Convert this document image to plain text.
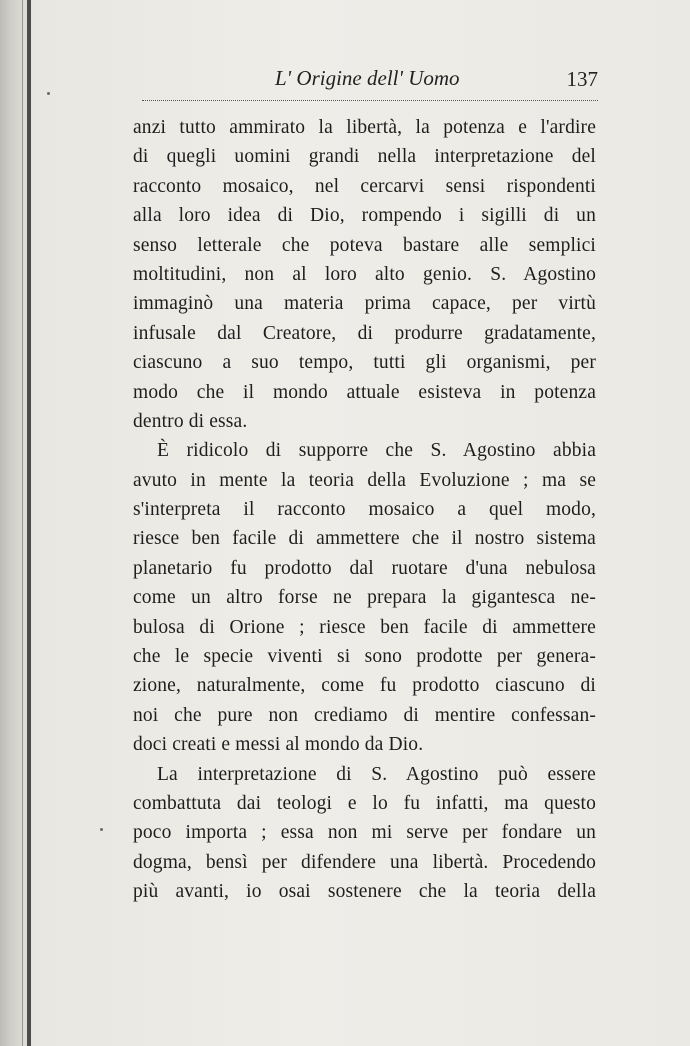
L' Origine dell' Uomo	137
anzi tutto ammirato la libertà, la potenza e l'ardire
di quegli uomini grandi nella interpretazione del
racconto mosaico, nel cercarvi sensi rispondenti
alla loro idea di Dio, rompendo i sigilli di un
senso letterale che poteva bastare alle semplici
moltitudini, non al loro alto genio. S. Agostino
immaginò una materia prima capace, per virtù
infusale dal Creatore, di produrre gradatamente,
ciascuno a suo tempo, tutti gli organismi, per
modo che il mondo attuale esisteva in potenza
dentro di essa.
È ridicolo di supporre che S. Agostino abbia
avuto in mente la teoria della Evoluzione ; ma se
s'interpreta il racconto mosaico a quel modo,
riesce ben facile di ammettere che il nostro sistema
planetario fu prodotto dal ruotare d'una nebulosa
come un altro forse ne prepara la gigantesca ne-
bulosa di Orione ; riesce ben facile di ammettere
che le specie viventi si sono prodotte per genera-
zione, naturalmente, come fu prodotto ciascuno di
noi che pure non crediamo di mentire confessan-
doci creati e messi al mondo da Dio.
La interpretazione di S. Agostino può essere
combattuta dai teologi e lo fu infatti, ma questo
poco importa ; essa non mi serve per fondare un
dogma, bensì per difendere una libertà. Procedendo
più avanti, io osai sostenere che la teoria della
